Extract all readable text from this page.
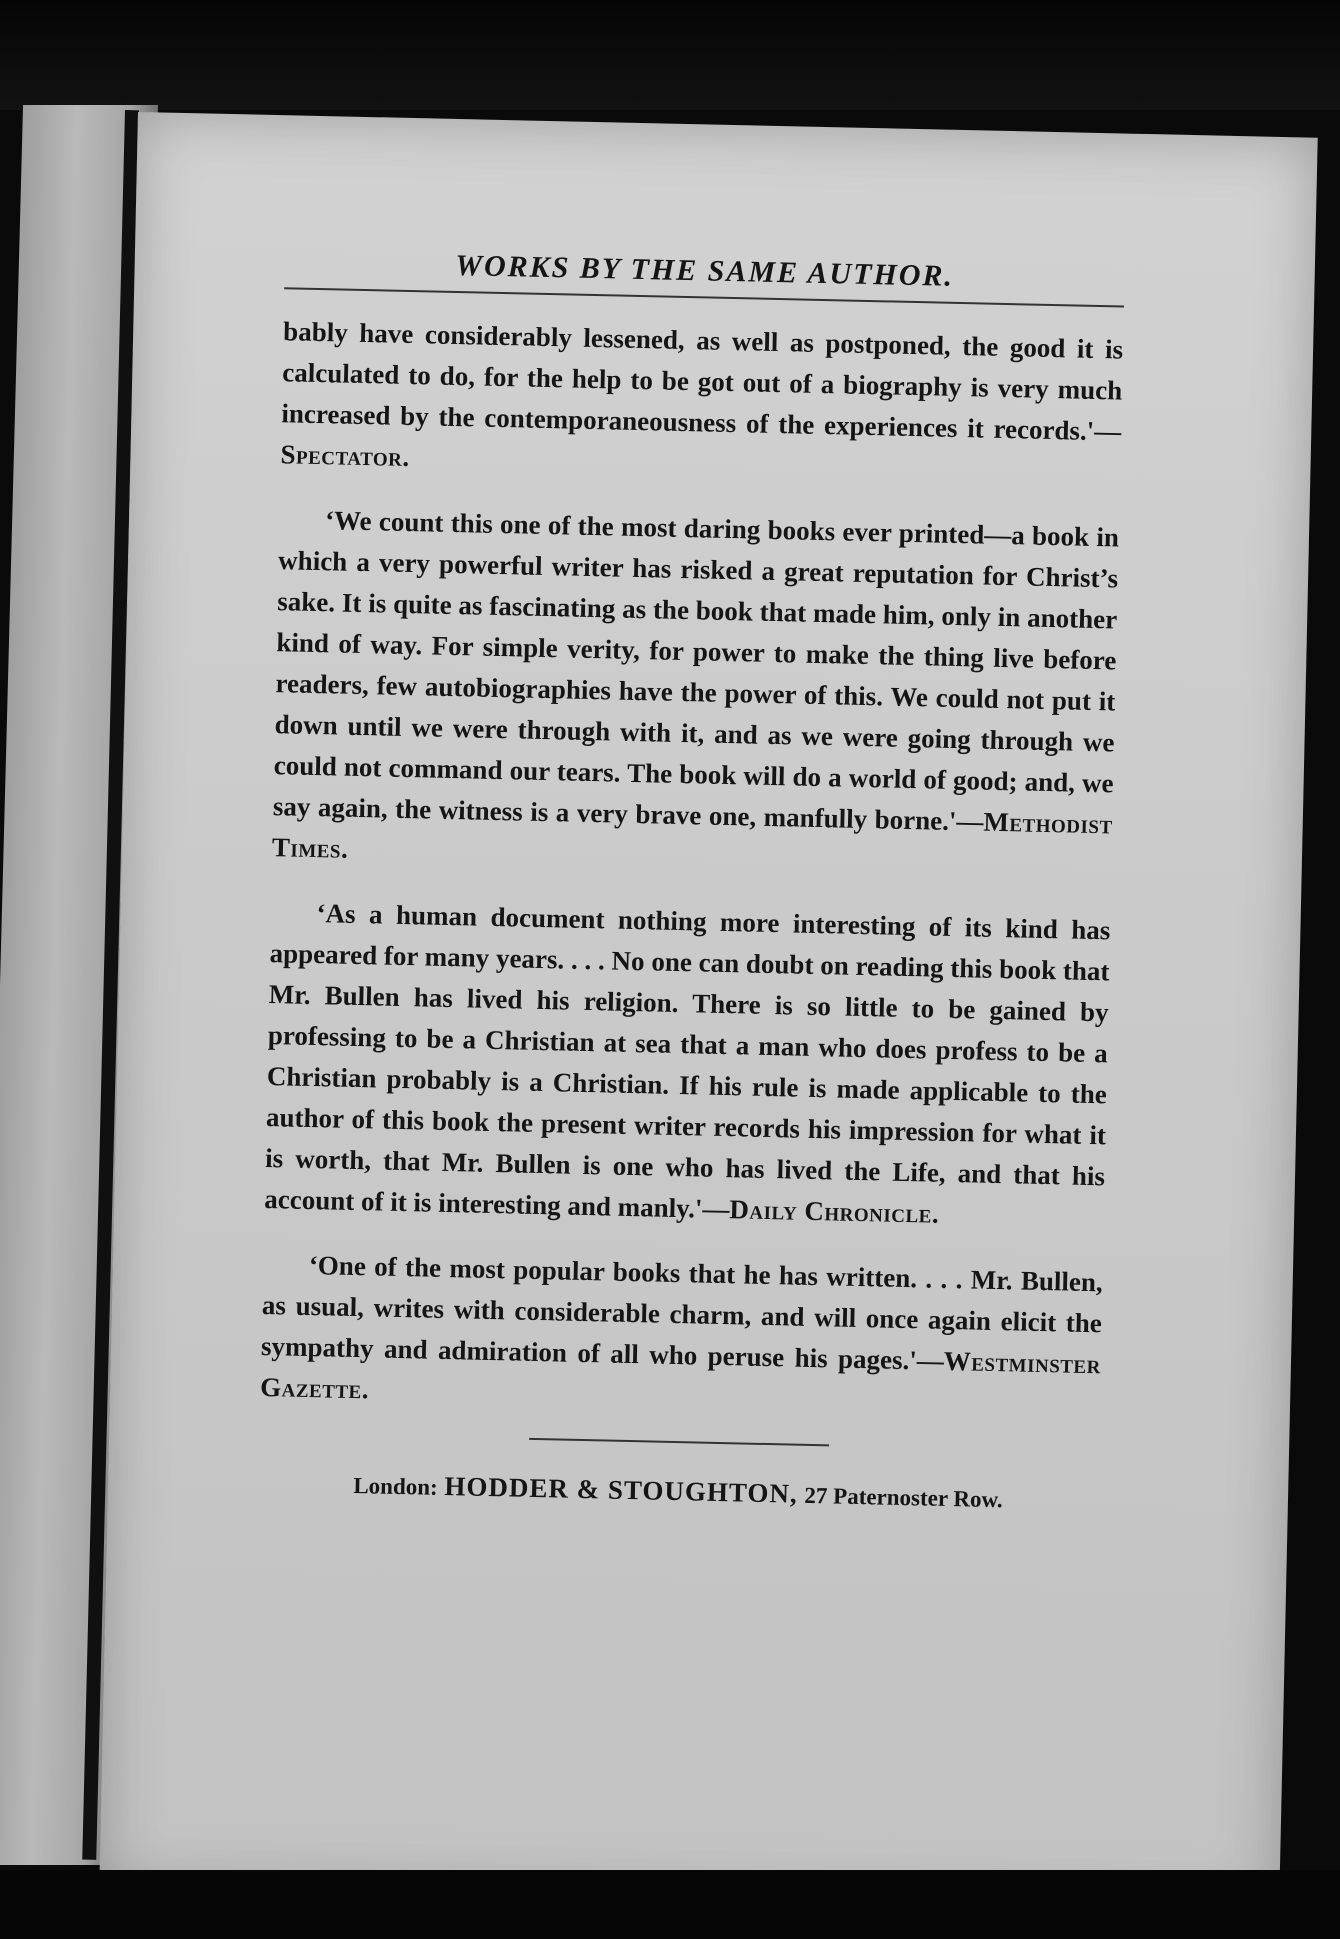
WORKS BY THE SAME AUTHOR.

bably have considerably lessened, as well as postponed, the good it is calculated to do, for the help to be got out of a biography is very much increased by the contemporaneousness of the experiences it records.'—Spectator.

‘We count this one of the most daring books ever printed—a book in which a very powerful writer has risked a great reputation for Christ’s sake. It is quite as fascinating as the book that made him, only in another kind of way. For simple verity, for power to make the thing live before readers, few autobiographies have the power of this. We could not put it down until we were through with it, and as we were going through we could not command our tears. The book will do a world of good; and, we say again, the witness is a very brave one, manfully borne.'—Methodist Times.

‘As a human document nothing more interesting of its kind has appeared for many years. . . . No one can doubt on reading this book that Mr. Bullen has lived his religion. There is so little to be gained by professing to be a Christian at sea that a man who does profess to be a Christian probably is a Christian. If his rule is made applicable to the author of this book the present writer records his impression for what it is worth, that Mr. Bullen is one who has lived the Life, and that his account of it is interesting and manly.'—Daily Chronicle.

‘One of the most popular books that he has written. . . . Mr. Bullen, as usual, writes with considerable charm, and will once again elicit the sympathy and admiration of all who peruse his pages.'—Westminster Gazette.

London: HODDER & STOUGHTON, 27 Paternoster Row.
